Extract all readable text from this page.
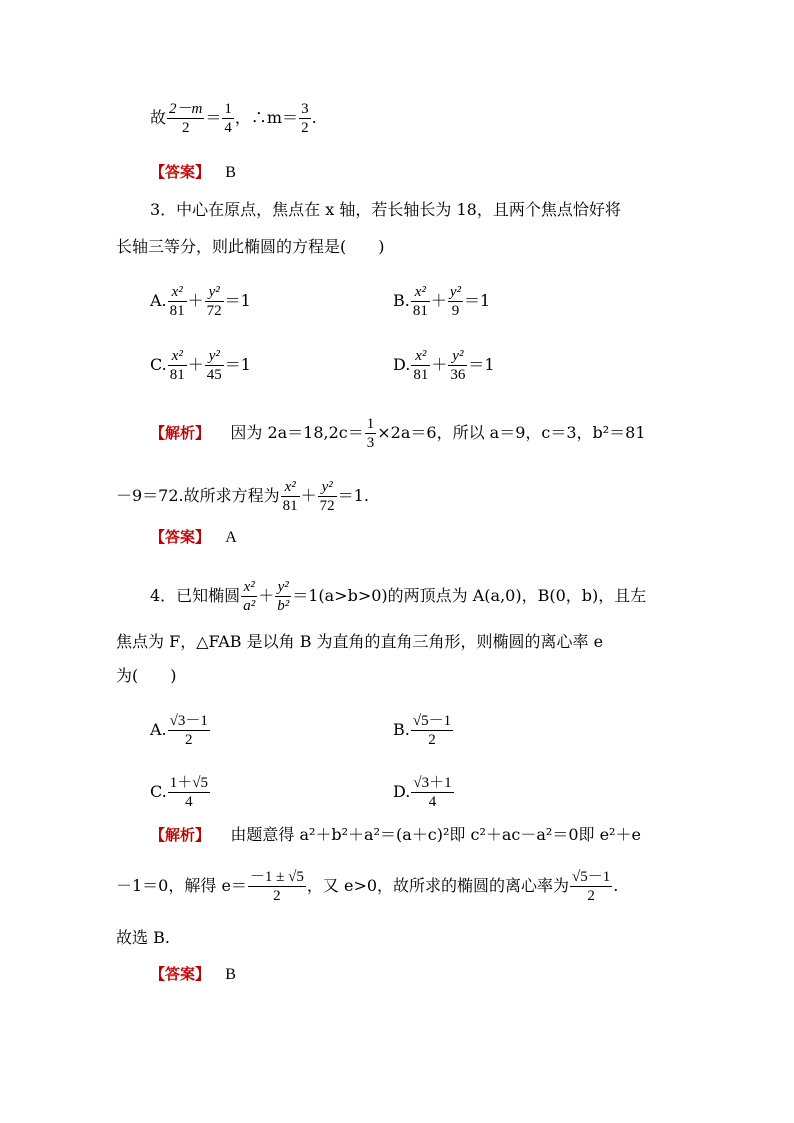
故 $\frac{2-m}{2} = \frac{1}{4}$ ，∴m＝ $\frac{3}{2}$ .
【答案】 B
3．中心在原点，焦点在 x 轴，若长轴长为 18，且两个焦点恰好将
长轴三等分，则此椭圆的方程是(　　)
A. $\frac{\text{x²}}{81} + \frac{\text{y²}}{72} =1$	B. $\frac{\text{x²}}{81} + \frac{\text{y²}}{9} =1$
C. $\frac{\text{x²}}{81} + \frac{\text{y²}}{45} =1$	D. $\frac{\text{x²}}{81} + \frac{\text{y²}}{36} =1$
【解析】 因为 $2a=18,2c= \frac{1}{3} \times 2a=6$，所以 a＝9，c＝3，b²＝81
－9＝72.故所求方程为 $\frac{\text{x²}}{81} + \frac{\text{y²}}{72} =1$.
【答案】 A
4．已知椭圆 $\frac{\text{x²}}{\text{a²}} + \frac{\text{y²}}{\text{b²}} =1(a>b>0)$的两顶点为 A(a,0)，B(0，b)，且左
焦点为 F，△FAB 是以角 B 为直角的直角三角形，则椭圆的离心率 e
为(　　)
A. $\frac{√3-1}{2}$	B. $\frac{√5-1}{2}$
C. $\frac{1+√5}{4}$	D. $\frac{√3+1}{4}$
【解析】 由题意得 a²＋b²＋a²＝(a＋c)²即 c²＋ac－a²＝0即 e²＋e
－1＝0，解得 $e= \frac{-1 \pm √5}{2}$ ，又 e>0，故所求的椭圆的离心率为 $\frac{√5-1}{2}$ .
故选 B.
【答案】 B
